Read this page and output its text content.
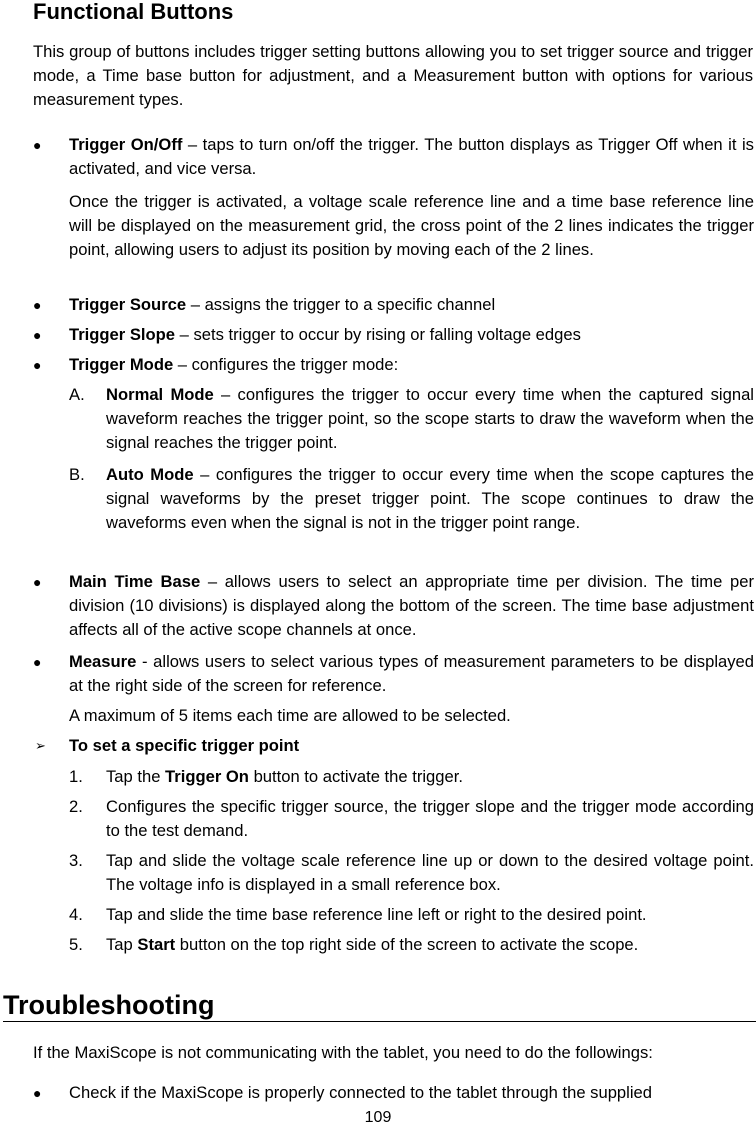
Functional Buttons

This group of buttons includes trigger setting buttons allowing you to set trigger source and trigger mode, a Time base button for adjustment, and a Measurement button with options for various measurement types.

●	Trigger On/Off – taps to turn on/off the trigger. The button displays as Trigger Off when it is activated, and vice versa.

Once the trigger is activated, a voltage scale reference line and a time base reference line will be displayed on the measurement grid, the cross point of the 2 lines indicates the trigger point, allowing users to adjust its position by moving each of the 2 lines.

●	Trigger Source – assigns the trigger to a specific channel

●	Trigger Slope – sets trigger to occur by rising or falling voltage edges

●	Trigger Mode – configures the trigger mode:

A.	Normal Mode – configures the trigger to occur every time when the captured signal waveform reaches the trigger point, so the scope starts to draw the waveform when the signal reaches the trigger point.

B.	Auto Mode – configures the trigger to occur every time when the scope captures the signal waveforms by the preset trigger point. The scope continues to draw the waveforms even when the signal is not in the trigger point range.

●	Main Time Base – allows users to select an appropriate time per division. The time per division (10 divisions) is displayed along the bottom of the screen. The time base adjustment affects all of the active scope channels at once.

●	Measure - allows users to select various types of measurement parameters to be displayed at the right side of the screen for reference.

A maximum of 5 items each time are allowed to be selected.

➢ To set a specific trigger point

1.	Tap the Trigger On button to activate the trigger.

2.	Configures the specific trigger source, the trigger slope and the trigger mode according to the test demand.

3.	Tap and slide the voltage scale reference line up or down to the desired voltage point. The voltage info is displayed in a small reference box.

4.	Tap and slide the time base reference line left or right to the desired point.

5.	Tap Start button on the top right side of the screen to activate the scope.

Troubleshooting

If the MaxiScope is not communicating with the tablet, you need to do the followings:

●	Check if the MaxiScope is properly connected to the tablet through the supplied

109
